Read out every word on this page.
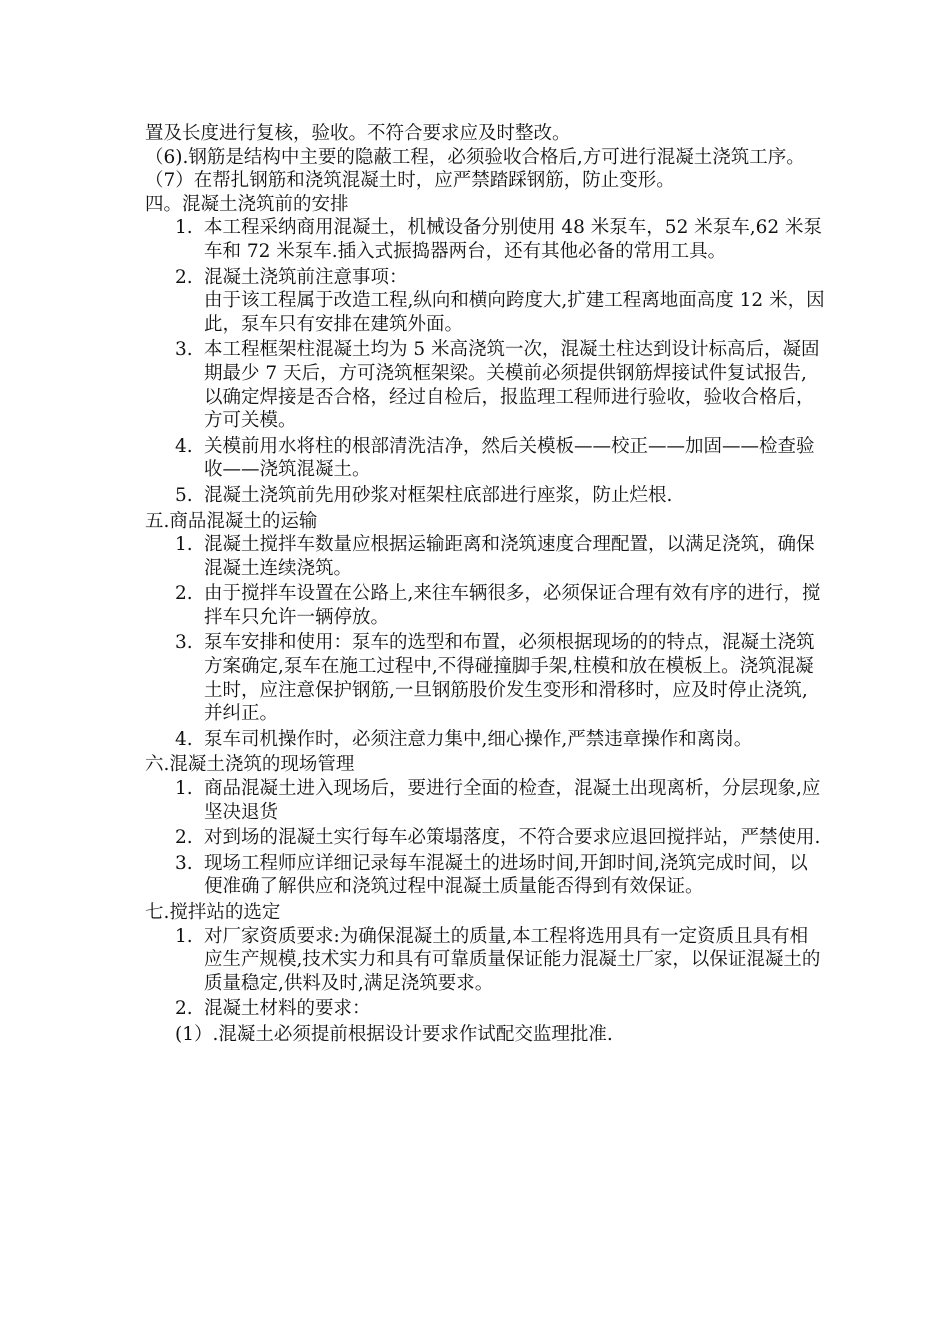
置及长度进行复核，验收。不符合要求应及时整改。

（6).钢筋是结构中主要的隐蔽工程，必须验收合格后,方可进行混凝土浇筑工序。

（7）在帮扎钢筋和浇筑混凝土时，应严禁踏踩钢筋，防止变形。

四。混凝土浇筑前的安排

1. 本工程采纳商用混凝土，机械设备分别使用 48 米泵车，52 米泵车,62 米泵车和 72 米泵车.插入式振捣器两台，还有其他必备的常用工具。
2. 混凝土浇筑前注意事项：
由于该工程属于改造工程,纵向和横向跨度大,扩建工程离地面高度 12 米，因此，泵车只有安排在建筑外面。
3. 本工程框架柱混凝土均为 5 米高浇筑一次，混凝土柱达到设计标高后，凝固期最少 7 天后，方可浇筑框架梁。关模前必须提供钢筋焊接试件复试报告,以确定焊接是否合格，经过自检后，报监理工程师进行验收，验收合格后，方可关模。
4. 关模前用水将柱的根部清洗洁净，然后关模板——校正——加固——检查验收——浇筑混凝土。
5. 混凝土浇筑前先用砂浆对框架柱底部进行座浆，防止烂根.

五.商品混凝土的运输

1. 混凝土搅拌车数量应根据运输距离和浇筑速度合理配置，以满足浇筑，确保混凝土连续浇筑。
2. 由于搅拌车设置在公路上,来往车辆很多，必须保证合理有效有序的进行，搅拌车只允许一辆停放。
3. 泵车安排和使用：泵车的选型和布置，必须根据现场的的特点，混凝土浇筑方案确定,泵车在施工过程中,不得碰撞脚手架,柱模和放在模板上。浇筑混凝土时，应注意保护钢筋,一旦钢筋股价发生变形和滑移时，应及时停止浇筑,并纠正。
4. 泵车司机操作时，必须注意力集中,细心操作,严禁违章操作和离岗。

六.混凝土浇筑的现场管理

1. 商品混凝土进入现场后，要进行全面的检查，混凝土出现离析，分层现象,应坚决退货
2. 对到场的混凝土实行每车必策塌落度，不符合要求应退回搅拌站，严禁使用.
3. 现场工程师应详细记录每车混凝土的进场时间,开卸时间,浇筑完成时间，以便准确了解供应和浇筑过程中混凝土质量能否得到有效保证。

七.搅拌站的选定

1. 对厂家资质要求:为确保混凝土的质量,本工程将选用具有一定资质且具有相应生产规模,技术实力和具有可靠质量保证能力混凝土厂家，以保证混凝土的质量稳定,供料及时,满足浇筑要求。
2. 混凝土材料的要求：

(1）.混凝土必须提前根据设计要求作试配交监理批准.
